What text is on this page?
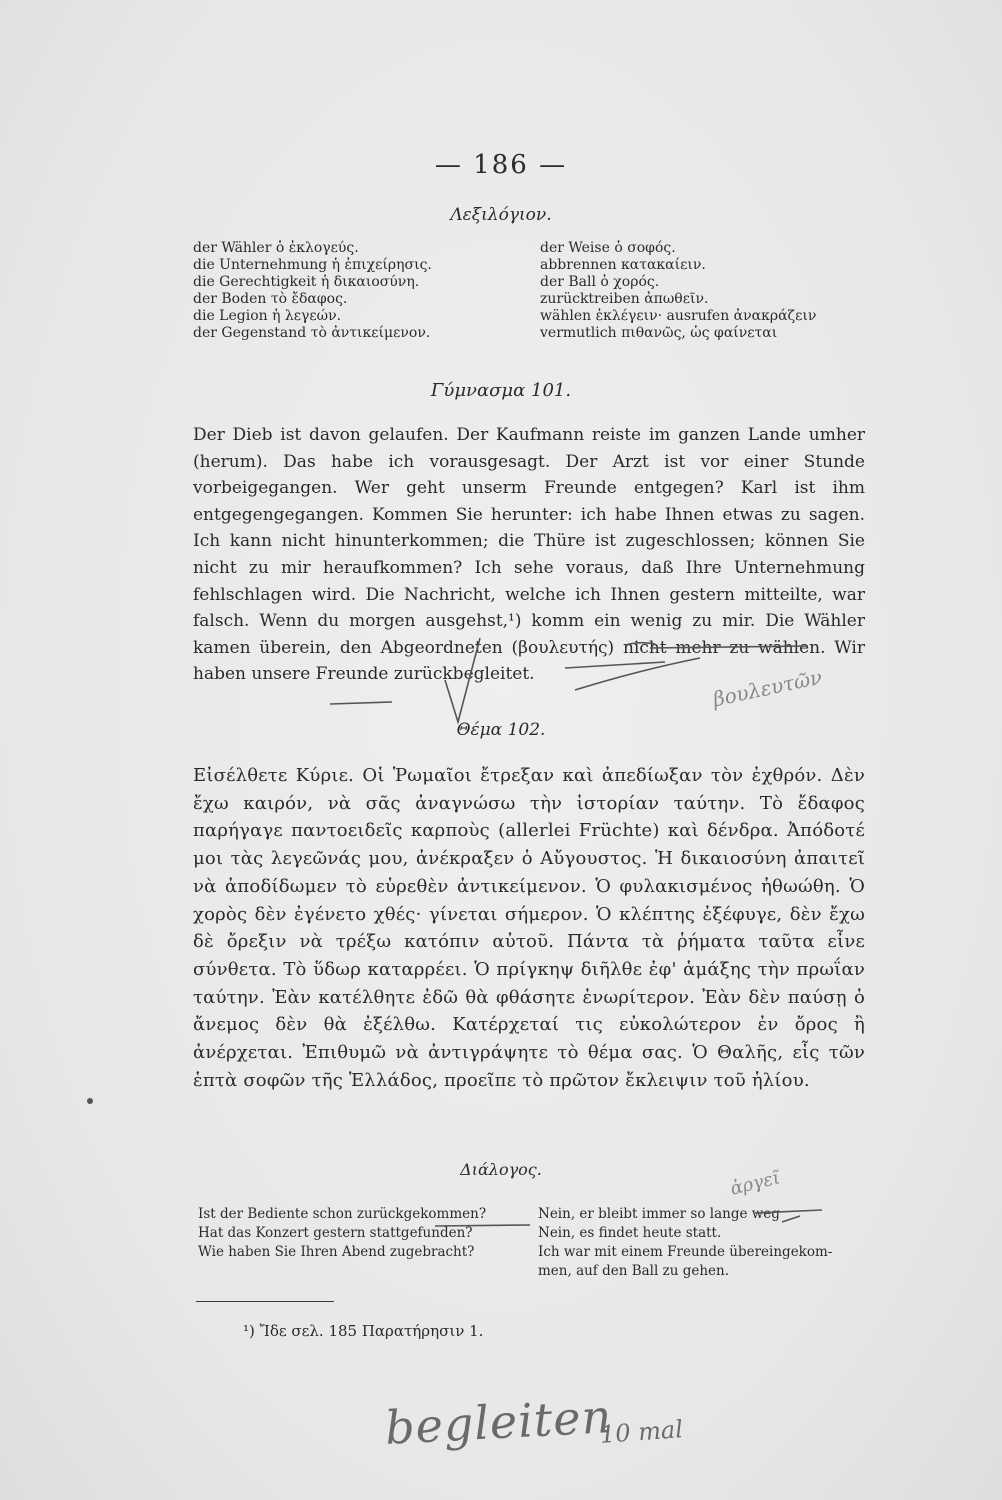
— 186 —
Λεξιλόγιον.
der Wähler ὁ ἐκλογεύς.
die Unternehmung ἡ ἐπιχείρησις.
die Gerechtigkeit ἡ δικαιοσύνη.
der Boden τὸ ἔδαφος.
die Legion ἡ λεγεών.
der Gegenstand τὸ ἀντικείμενον.
der Weise ὁ σοφός.
abbrennen κατακαίειν.
der Ball ὁ χορός.
zurücktreiben ἀπωθεῖν.
wählen ἐκλέγειν· ausrufen ἀνακράζειν
vermutlich πιθανῶς, ὡς φαίνεται
Γύμνασμα 101.
Der Dieb ist davon gelaufen. Der Kaufmann reiste im ganzen Lande umher (herum). Das habe ich vorausgesagt. Der Arzt ist vor einer Stunde vorbeigegangen. Wer geht unserm Freunde entgegen? Karl ist ihm entgegengegangen. Kommen Sie herunter: ich habe Ihnen etwas zu sagen. Ich kann nicht hinunterkommen; die Thüre ist zugeschlossen; können Sie nicht zu mir heraufkommen? Ich sehe voraus, daß Ihre Unternehmung fehlschlagen wird. Die Nachricht, welche ich Ihnen gestern mitteilte, war falsch. Wenn du morgen ausgehst,¹) komm ein wenig zu mir. Die Wähler kamen überein, den Abgeordneten (βουλευτής) nicht mehr zu wählen. Wir haben unsere Freunde zurückbegleitet.
Θέμα 102.
Εἰσέλθετε Κύριε. Οἱ Ῥωμαῖοι ἔτρεξαν καὶ ἀπεδίωξαν τὸν ἐχθρόν. Δὲν ἔχω καιρόν, νὰ σᾶς ἀναγνώσω τὴν ἱστορίαν ταύτην. Τὸ ἔδαφος παρήγαγε παντοειδεῖς καρποὺς (allerlei Früchte) καὶ δένδρα. Ἀπόδοτέ μοι τὰς λεγεῶνάς μου, ἀνέκραξεν ὁ Αὔγουστος. Ἡ δικαιοσύνη ἀπαιτεῖ νὰ ἀποδίδωμεν τὸ εὑρεθὲν ἀντικείμενον. Ὁ φυλακισμένος ἠθωώθη. Ὁ χορὸς δὲν ἐγένετο χθές· γίνεται σήμερον. Ὁ κλέπτης ἐξέφυγε, δὲν ἔχω δὲ ὄρεξιν νὰ τρέξω κατόπιν αὐτοῦ. Πάντα τὰ ῥήματα ταῦτα εἶνε σύνθετα. Τὸ ὕδωρ καταρρέει. Ὁ πρίγκηψ διῆλθε ἐφ' ἁμάξης τὴν πρωΐαν ταύτην. Ἐὰν κατέλθητε ἐδῶ θὰ φθάσητε ἐνωρίτερον. Ἐὰν δὲν παύσῃ ὁ ἄνεμος δὲν θὰ ἐξέλθω. Κατέρχεταί τις εὐκολώτερον ἐν ὄρος ἢ ἀνέρχεται. Ἐπιθυμῶ νὰ ἀντιγράψητε τὸ θέμα σας. Ὁ Θαλῆς, εἷς τῶν ἑπτὰ σοφῶν τῆς Ἑλλάδος, προεῖπε τὸ πρῶτον ἔκλειψιν τοῦ ἡλίου.
Διάλογος.
Ist der Bediente schon zurückgekommen?
Hat das Konzert gestern stattgefunden?
Wie haben Sie Ihren Abend zugebracht?
Nein, er bleibt immer so lange weg
Nein, es findet heute statt.
Ich war mit einem Freunde übereingekom-
men, auf den Ball zu gehen.
¹) Ἴδε σελ. 185 Παρατήρησιν 1.
βουλευτῶν
ἀργεῖ
begleiten
10 mal
